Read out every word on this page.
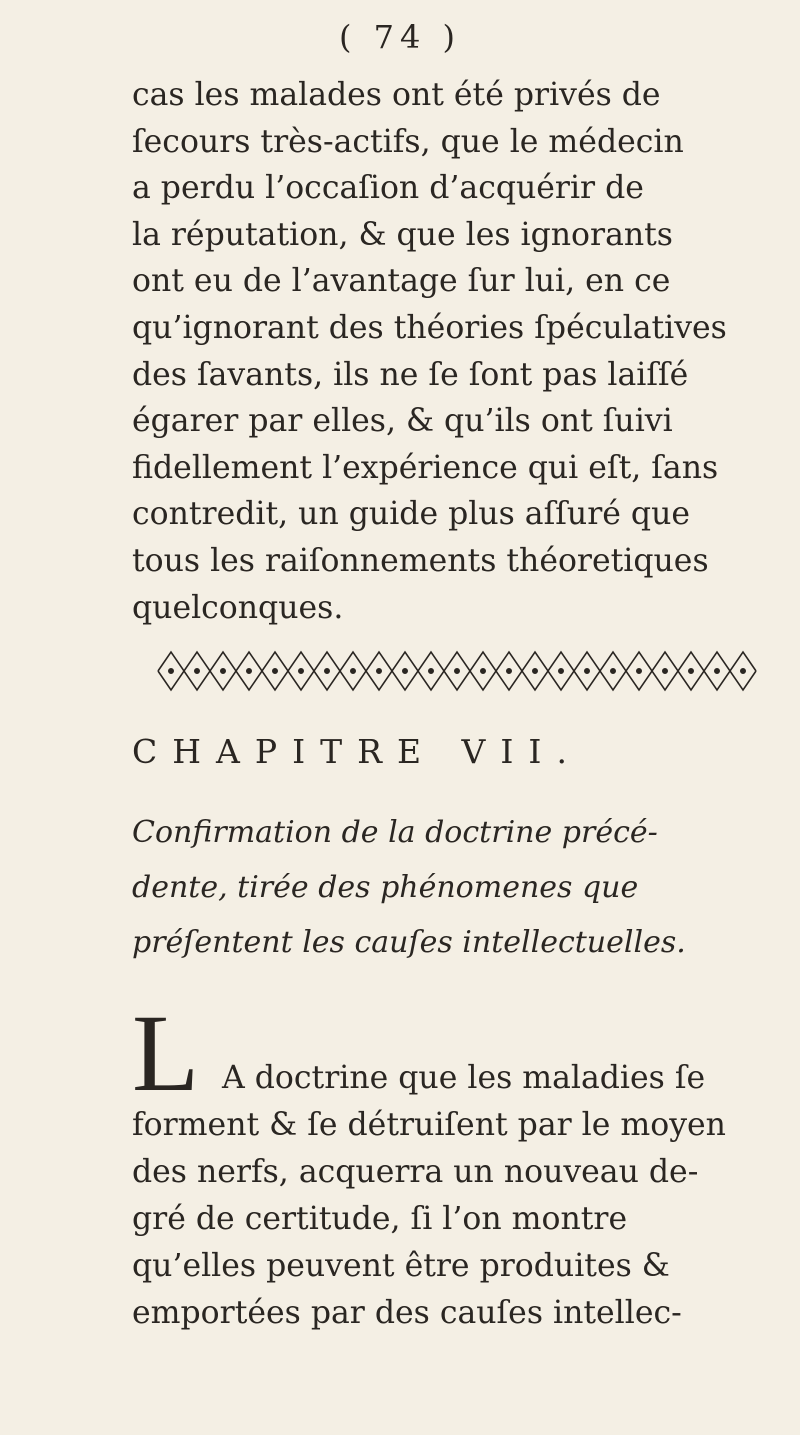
( 74 )
cas les malades ont été privés de
ſecours très-actifs, que le médecin
a perdu l’occaſion d’acquérir de
la réputation, & que les ignorants
ont eu de l’avantage ſur lui, en ce
qu’ignorant des théories ſpéculatives
des ſavants, ils ne ſe ſont pas laiſſé
égarer par elles, & qu’ils ont ſuivi
fidellement l’expérience qui eſt, ſans
contredit, un guide plus aſſuré que
tous les raiſonnements théoretiques
quelconques.
CHAPITRE VII.
Confirmation de la doctrine précé-
dente, tirée des phénomenes que
préſentent les cauſes intellectuelles.
L A doctrine que les maladies ſe
forment & ſe détruiſent par le moyen
des nerfs, acquerra un nouveau de-
gré de certitude, ſi l’on montre
qu’elles peuvent être produites &
emportées par des cauſes intellec-
